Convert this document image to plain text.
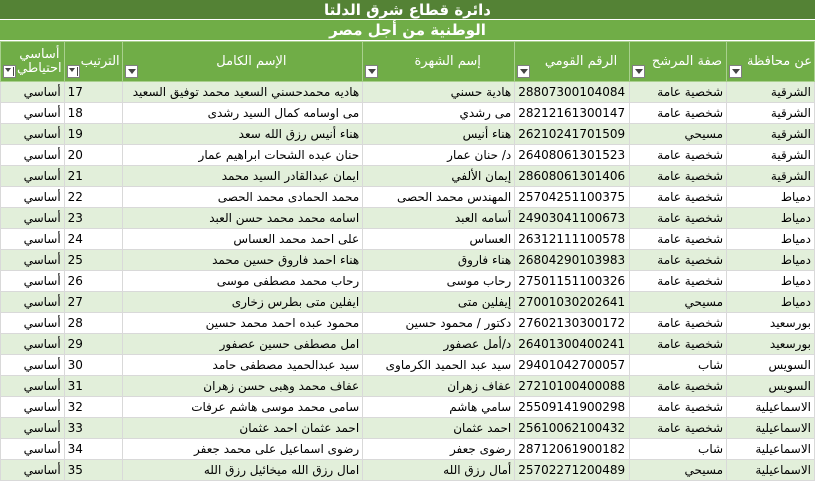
دائرة قطاع شرق الدلتا
الوطنية من أجل مصر
عن محافظة	صفة المرشح	الرقم القومي	إسم الشهرة	الإسم الكامل	الترتيب	أساسي احتياطي

الشرقية	شخصية عامة	28807300104084	هادية حسني	هاديه محمدحسني السعيد محمد توفيق السعيد	17	أساسي
الشرقية	شخصية عامة	28212161300147	مى رشدي	مى اوسامه كمال السيد رشدى	18	أساسي
الشرقية	مسيحي	26210241701509	هناء أنيس	هناء أنيس رزق الله سعد	19	أساسي
الشرقية	شخصية عامة	26408061301523	د/ حنان عمار	حنان عبده الشحات ابراهيم عمار	20	أساسي
الشرقية	شخصية عامة	28608061301406	إيمان الألفي	ايمان عبدالقادر السيد محمد	21	أساسي
دمياط	شخصية عامة	25704251100375	المهندس محمد الحصى	محمد الحمادى محمد الحصى	22	أساسي
دمياط	شخصية عامة	24903041100673	أسامه العبد	اسامه محمد محمد حسن العبد	23	أساسي
دمياط	شخصية عامة	26312111100578	العساس	على احمد محمد العساس	24	أساسي
دمياط	شخصية عامة	26804290103983	هناء فاروق	هناء احمد فاروق حسين محمد	25	أساسي
دمياط	شخصية عامة	27501151100326	رحاب موسى	رحاب محمد مصطفى موسى	26	أساسي
دمياط	مسيحي	27001030202641	إيفلين متى	ايفلين متى بطرس زخارى	27	أساسي
بورسعيد	شخصية عامة	27602130300172	دكتور / محمود حسين	محمود عبده احمد محمد حسين	28	أساسي
بورسعيد	شخصية عامة	26401300400241	د/أمل عصفور	امل مصطفى حسين عصفور	29	أساسي
السويس	شاب	29401042700057	سيد عبد الحميد الكرماوى	سيد عبدالحميد مصطفى حامد	30	أساسي
السويس	شخصية عامة	27210100400088	عفاف زهران	عفاف محمد وهبى حسن زهران	31	أساسي
الاسماعيلية	شخصية عامة	25509141900298	سامي هاشم	سامى محمد موسى هاشم عرفات	32	أساسي
الاسماعيلية	شخصية عامة	25610062100432	احمد عثمان	احمد عثمان احمد عثمان	33	أساسي
الاسماعيلية	شاب	28712061900182	رضوى جعفر	رضوى اسماعيل على محمد جعفر	34	أساسي
الاسماعيلية	مسيحي	25702271200489	أمال رزق الله	امال رزق الله ميخائيل رزق الله	35	أساسي
